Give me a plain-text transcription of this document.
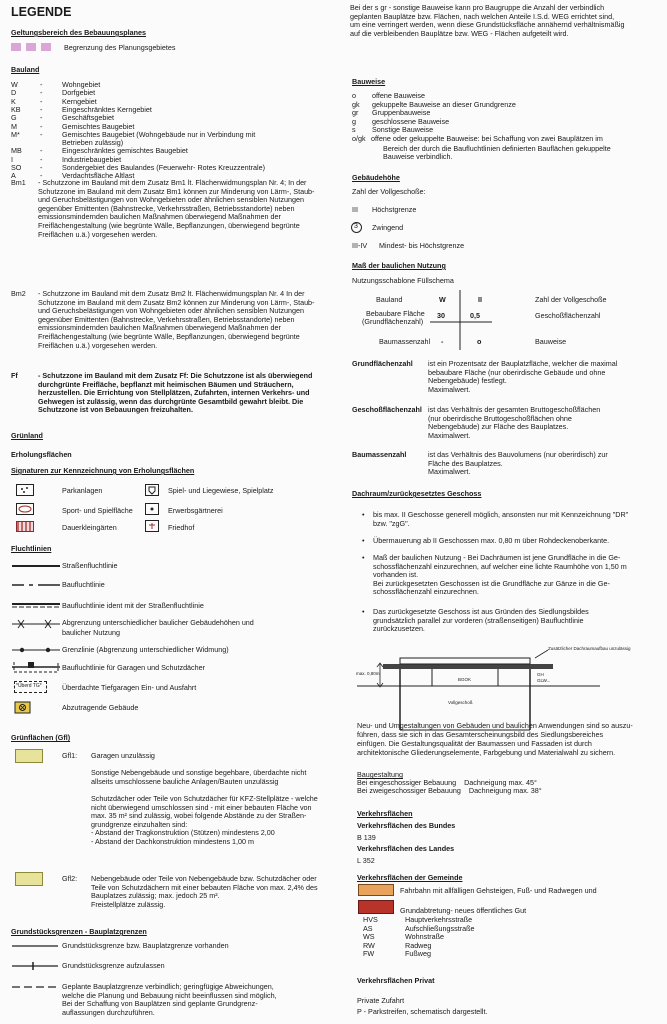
LEGENDE
Geltungsbereich des Bebauungsplanes
Begrenzung des Planungsgebietes
Bauland
W	-	Wohngebiet
D	-	Dorfgebiet
K	-	Kerngebiet
KB	-	Eingeschränktes Kerngebiet
G	-	Geschäftsgebiet
M	-	Gemischtes Baugebiet
M*	-	Gemischtes Baugebiet (Wohngebäude nur in Verbindung mit
Betrieben zulässig)
MB	-	Eingeschränktes gemischtes Baugebiet
I	-	Industriebaugebiet
SO	-	Sondergebiet des Baulandes (Feuerwehr- Rotes Kreuzzentrale)
A	-	Verdachtsfläche Altlast
Bm1 - Schutzzone im Bauland mit dem Zusatz Bm1 lt. Flächenwidmungsplan Nr. 4; In der Schutzzone im Bauland mit dem Zusatz Bm1 können zur Minderung von Lärm-, Staub- und Geruchsbelästigungen von Wohngebieten oder ähnlichen sensiblen Nutzungen gegenüber Emittenten (Bahnstrecke, Verkehrsstraßen, Betriebsstandorte) neben emissionsmindernden baulichen Maßnahmen überwiegend Maßnahmen der Freiflächengestaltung (wie begrünte Wälle, Bepflanzungen, überwiegend begrünte Freiflächen u.ä.) vorgesehen werden.
Bm2 - Schutzzone im Bauland mit dem Zusatz Bm2 lt. Flächenwidmungsplan Nr. 4 In der Schutzzone im Bauland mit dem Zusatz Bm2 können zur Minderung von Lärm-, Staub- und Geruchsbelästigungen von Wohngebieten oder ähnlichen sensiblen Nutzungen gegenüber Emittenten (Bahnstrecke, Verkehrsstraßen, Betriebsstandorte) neben emissionsmindernden baulichen Maßnahmen überwiegend Maßnahmen der Freiflächengestaltung (wie begrünte Wälle, Bepflanzungen, überwiegend begrünte Freiflächen u.ä.) vorgesehen werden.
Ff	- Schutzzone im Bauland mit dem Zusatz Ff: Die Schutzzone ist als überwiegend durchgrünte Freifläche, bepflanzt mit heimischen Bäumen und Sträuchern, herzustellen. Die Errichtung von Stellplätzen, Zufahrten, internen Verkehrs- und Gehwegen ist zulässig, wenn das durchgrünte Gesamtbild gewahrt bleibt. Die Schutzzone ist von Bebauungen freizuhalten.
Grünland
Erholungsflächen
Signaturen zur Kennzeichnung von Erholungsflächen
Parkanlagen	Spiel- und Liegewiese, Spielplatz
Sport- und Spielfläche	Erwerbsgärtnerei
Dauerkleingärten	Friedhof
Fluchtlinien
Straßenfluchtlinie
Baufluchtlinie
Baufluchtlinie ident mit der Straßenfluchtlinie
Abgrenzung unterschiedlicher baulicher Gebäudehöhen und
baulicher Nutzung
Grenzlinie (Abgrenzung unterschiedlicher Widmung)
Baufluchtlinie für Garagen und Schutzdächer
*Überd TG*	Überdachte Tiefgaragen Ein- und Ausfahrt
Abzutragende Gebäude
Grünflächen (Gfl)
Gfl1: Garagen unzulässig
Sonstige Nebengebäude und sonstige begehbare, überdachte nicht
allseits umschlossene bauliche Anlagen/Bauten unzulässig
Schutzdächer oder Teile von Schutzdächer für KFZ-Stellplätze - welche
nicht überwiegend umschlossen sind - mit einer bebauten Fläche von
max. 35 m² sind zulässig, wobei folgende Abstände zu der Straßen-
grundgrenze einzuhalten sind:
- Abstand der Tragkonstruktion (Stützen) mindestens 2,00
- Abstand der Dachkonstruktion mindestens 1,00 m
Gfl2: Nebengebäude oder Teile von Nebengebäude bzw. Schutzdächer oder
Teile von Schutzdächern mit einer bebauten Fläche von max. 2,4% des
Bauplatzes zulässig; max. jedoch 25 m².
Freistellplätze zulässig.
Grundstücksgrenzen - Bauplatzgrenzen
Grundstücksgrenze bzw. Bauplatzgrenze vorhanden
Grundstücksgrenze aufzulassen
Geplante Bauplatzgrenze verbindlich; geringfügige Abweichungen,
welche die Planung und Bebauung nicht beeinflussen sind möglich,
Bei der Schaffung von Bauplätzen sind geplante Grundgrenz-
auflassungen durchzuführen.
Bei der s gr - sonstige Bauweise kann pro Baugruppe die Anzahl der verbindlich
geplanten Bauplätze bzw. Flächen, nach welchen Anteile I.S.d. WEG errichtet sind,
um eine verringert werden, wenn diese Grundstücksfläche annähernd verhältnismäßig
auf die verbleibenden Bauplätze bzw. WEG - Flächen aufgeteilt wird.
Bauweise
o offene Bauweise
gk gekuppelte Bauweise an dieser Grundgrenze
gr Gruppenbauweise
g geschlossene Bauweise
s Sonstige Bauweise
o/gk offene oder gekuppelte Bauweise: bei Schaffung von zwei Bauplätzen im
Bereich der durch die Baufluchtlinien definierten Bauflächen gekuppelte
Bauweise verbindlich.
Gebäudehöhe
Zahl der Vollgeschoße:
III Höchstgrenze
3 Zwingend
III-IV Mindest- bis Höchstgrenze
Maß der baulichen Nutzung
Nutzungsschablone Füllschema
Bauland	W	II	Zahl der Vollgeschoße
Bebaubare Fläche
(Grundflächenzahl)
30	0,5	Geschoßflächenzahl
Baumassenzahl -	o	Bauweise
Grundflächenzahl ist ein Prozentsatz der Bauplatzfläche, welcher die maximal
bebaubare Fläche (nur oberirdische Gebäude und ohne
Nebengebäude) festlegt.
Maximalwert.
Geschoßflächenzahl ist das Verhältnis der gesamten Bruttogeschoßflächen
(nur oberirdische Bruttogeschoßflächen ohne
Nebengebäude) zur Fläche des Bauplatzes.
Maximalwert.
Baumassenzahl	ist das Verhältnis des Bauvolumens (nur oberirdisch) zur
Fläche des Bauplatzes.
Maximalwert.
Dachraum/zurückgesetztes Geschoss
• bis max. II Geschosse generell möglich, ansonsten nur mit Kennzeichnung "DR"
bzw. "zgG".
• Übermauerung ab II Geschossen max. 0,80 m über Rohdeckenoberkante.
• Maß der baulichen Nutzung - Bei Dachräumen ist jene Grundfläche in die Ge-
schossflächenzahl einzurechnen, auf welcher eine lichte Raumhöhe von 1,50 m
vorhanden ist.
Bei zurückgesetzten Geschossen ist die Grundfläche zur Gänze in die Ge-
schossflächenzahl einzurechnen.
• Das zurückgesetzte Geschoss ist aus Gründen des Siedlungsbildes
grundsätzlich parallel zur vorderen (straßenseitigen) Baufluchtlinie
zurückzusetzen.
Zusätzlicher Dachraumaufbau unzulässig
max. 0,80m
BGOK
GH
GLW...
Vollgeschoß
Neu- und Umgestaltungen von Gebäuden und baulichen Anwendungen sind so auszu-
führen, dass sie sich in das Gesamterscheinungsbild des Siedlungsbereiches
einfügen. Die Gestaltungsqualität der Baumassen und Fassaden ist durch
architektonische Gliederungselemente, Farbgebung und Materialwahl zu sichern.
Baugestaltung
Bei eingeschossiger Bebauung    Dachneigung max. 45°
Bei zweigeschossiger Bebauung    Dachneigung max. 38°
Verkehrsflächen
Verkehrsflächen des Bundes
B 139
Verkehrsflächen des Landes
L 352
Verkehrsflächen der Gemeinde
Fahrbahn mit allfälligen Gehsteigen, Fuß- und Radwegen und
Grundabtretung- neues öffentliches Gut
HVS	Hauptverkehrsstraße
AS	Aufschließungsstraße
WS	Wohnstraße
RW	Radweg
FW	Fußweg
Verkehrsflächen Privat
Private Zufahrt
P - Parkstreifen, schematisch dargestellt.
